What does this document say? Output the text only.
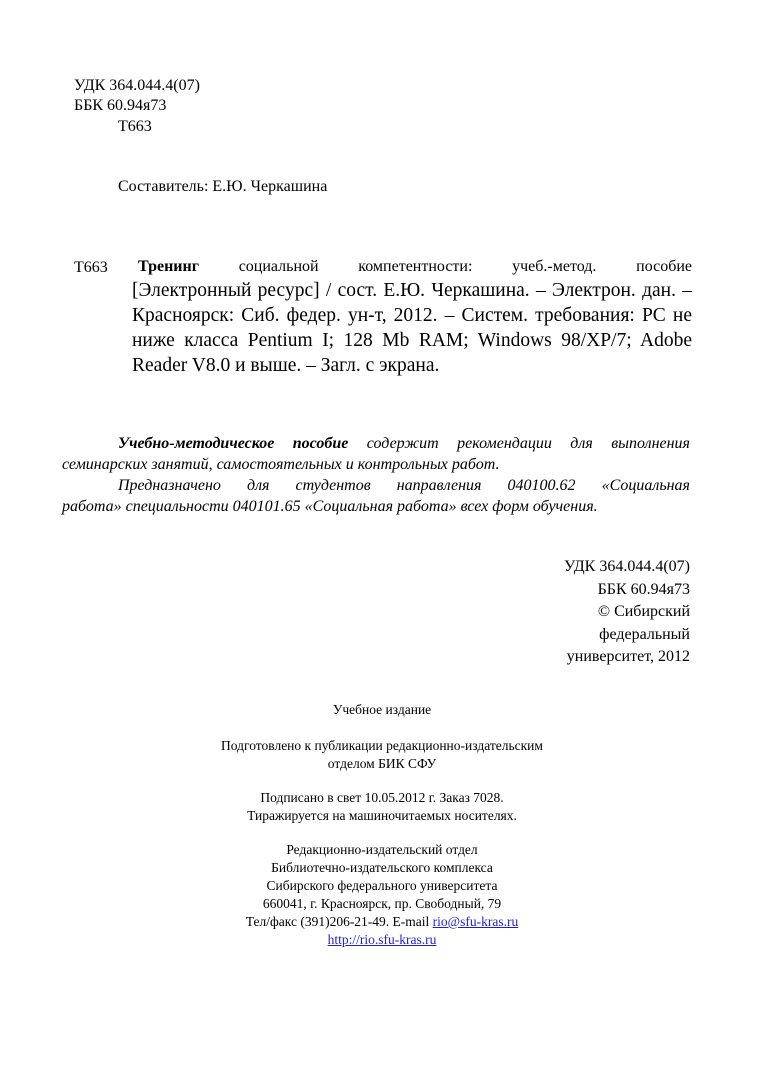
УДК 364.044.4(07)
ББК 60.94я73
Т663
Составитель: Е.Ю. Черкашина
Т663 Тренинг социальной компетентности: учеб.-метод. пособие
[Электронный ресурс] / сост. Е.Ю. Черкашина. – Электрон. дан. –
Красноярск: Сиб. федер. ун-т, 2012. – Систем. требования: PC не
ниже класса Pentium I; 128 Mb RAM; Windows 98/XP/7; Adobe
Reader V8.0 и выше. – Загл. с экрана.
Учебно-методическое пособие содержит рекомендации для выполнения
семинарских занятий, самостоятельных и контрольных работ.
Предназначено для студентов направления 040100.62 «Социальная
работа» специальности 040101.65 «Социальная работа» всех форм обучения.
УДК 364.044.4(07)
ББК 60.94я73
© Сибирский
федеральный
университет, 2012
Учебное издание
Подготовлено к публикации редакционно-издательским
отделом БИК СФУ
Подписано в свет 10.05.2012 г. Заказ 7028.
Тиражируется на машиночитаемых носителях.
Редакционно-издательский отдел
Библиотечно-издательского комплекса
Сибирского федерального университета
660041, г. Красноярск, пр. Свободный, 79
Тел/факс (391)206-21-49. E-mail rio@sfu-kras.ru
http://rio.sfu-kras.ru
